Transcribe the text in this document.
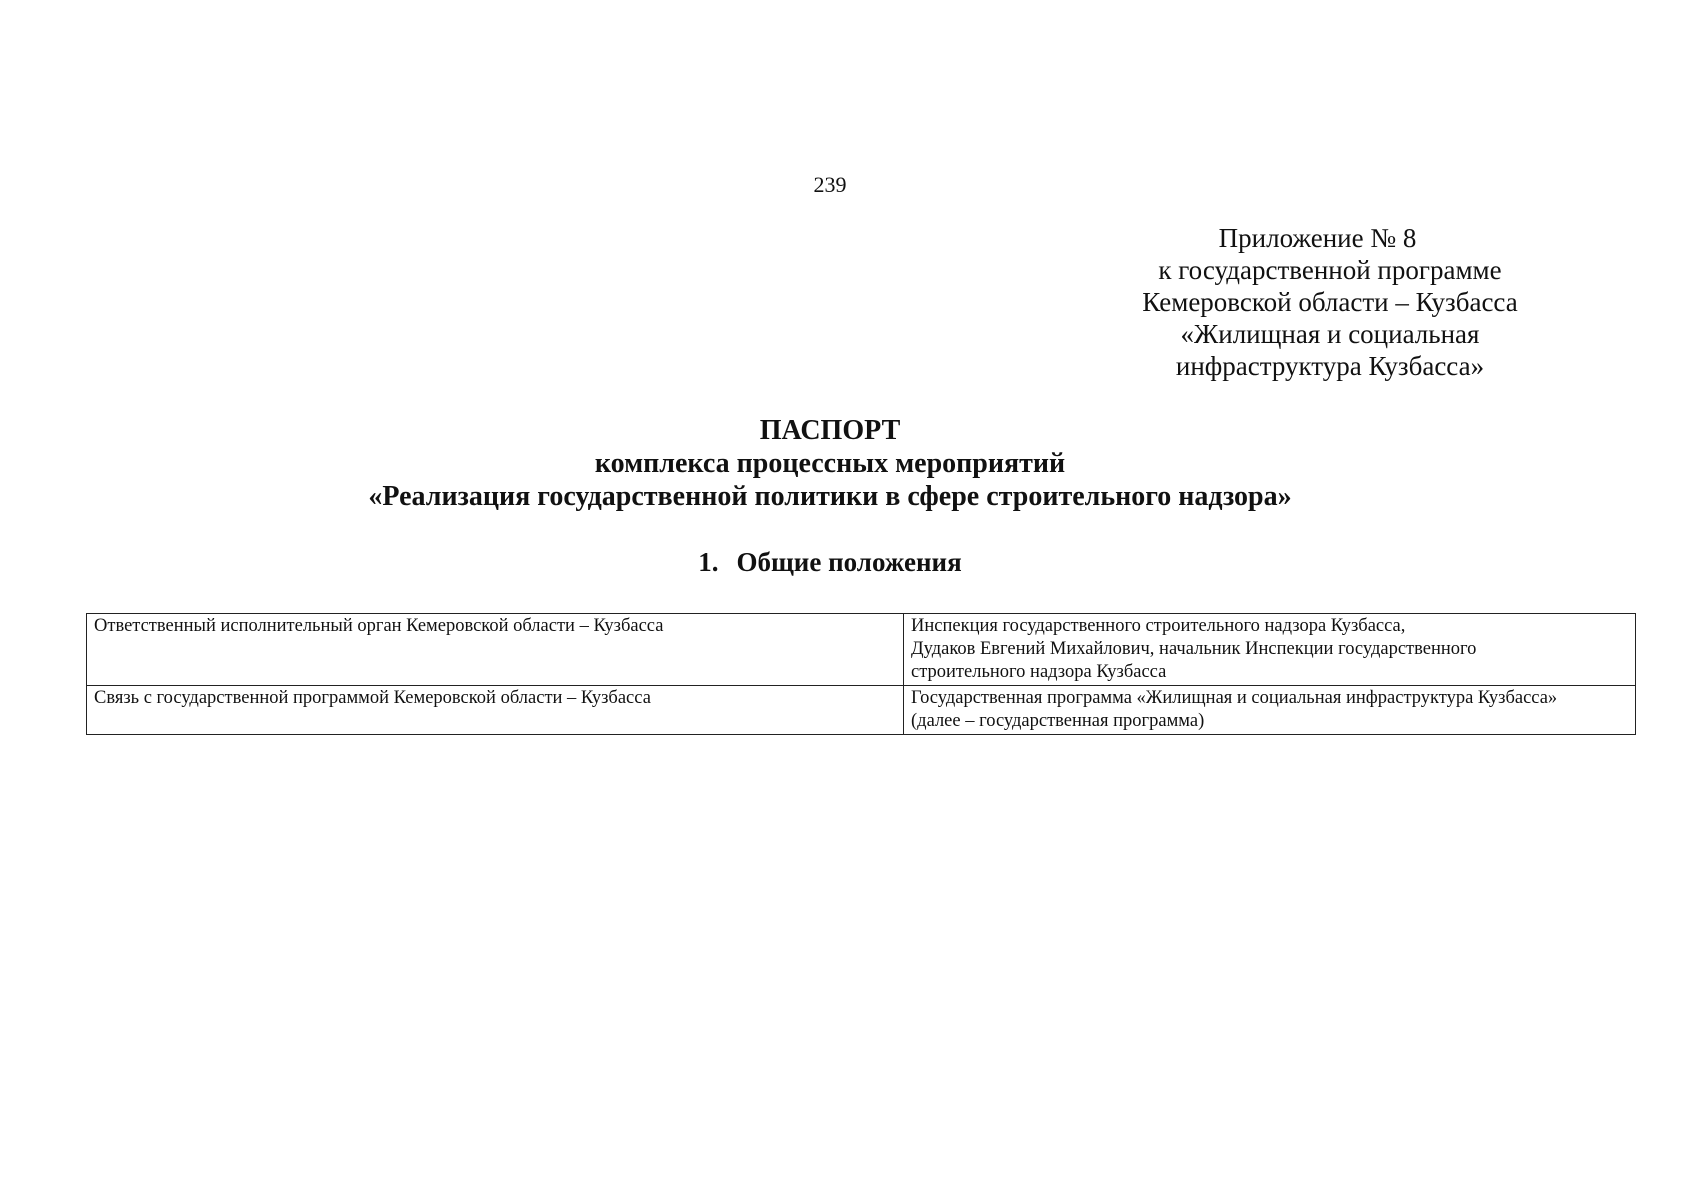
239
Приложение № 8
к государственной программе
Кемеровской области – Кузбасса
«Жилищная и социальная
инфраструктура Кузбасса»
ПАСПОРТ
комплекса процессных мероприятий
«Реализация государственной политики в сфере строительного надзора»
1. Общие положения
Ответственный исполнительный орган Кемеровской области – Кузбасса	Инспекция государственного строительного надзора Кузбасса,
Дудаков Евгений Михайлович, начальник Инспекции государственного
строительного надзора Кузбасса

Связь с государственной программой Кемеровской области – Кузбасса	Государственная программа «Жилищная и социальная инфраструктура Кузбасса»
(далее – государственная программа)
